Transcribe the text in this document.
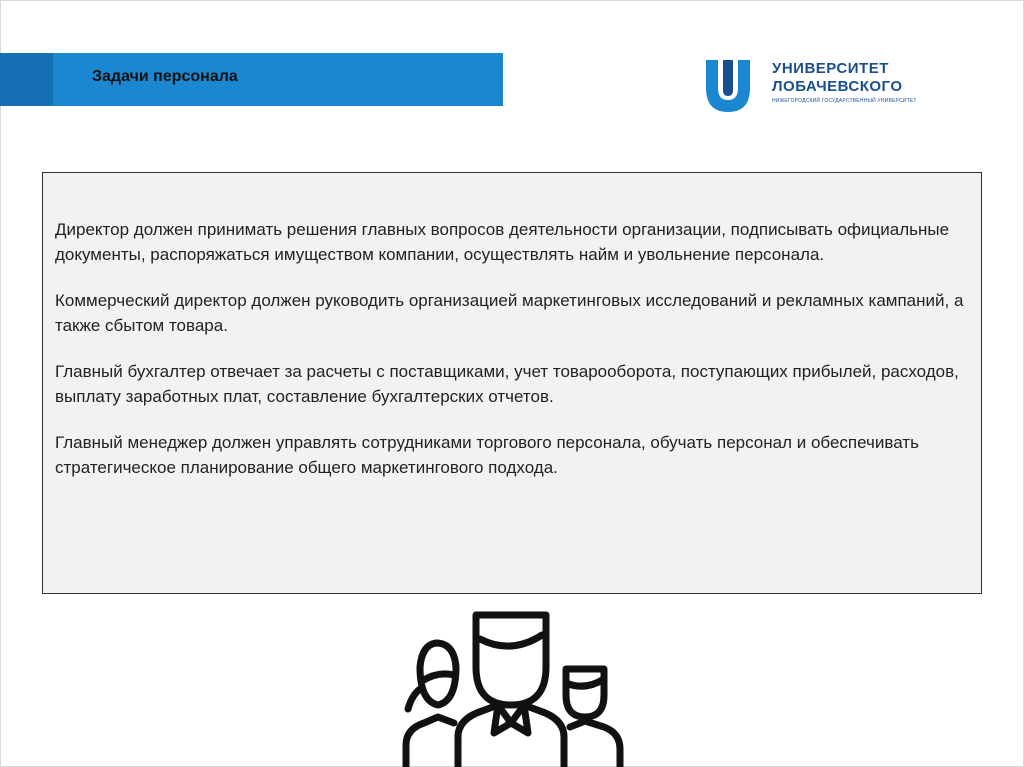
Задачи персонала	УНИВЕРСИТЕТ
ЛОБАЧЕВСКОГО
НИЖЕГОРОДСКИЙ ГОСУДАРСТВЕННЫЙ УНИВЕРСИТЕТ

Директор должен принимать решения главных вопросов деятельности организации, подписывать официальные документы, распоряжаться имуществом компании, осуществлять найм и увольнение персонала.

Коммерческий директор должен руководить организацией маркетинговых исследований и рекламных кампаний, а также сбытом товара.

Главный бухгалтер отвечает за расчеты с поставщиками, учет товарооборота, поступающих прибылей, расходов, выплату заработных плат, составление бухгалтерских отчетов.

Главный менеджер должен управлять сотрудниками торгового персонала, обучать персонал и обеспечивать стратегическое планирование общего маркетингового подхода.
